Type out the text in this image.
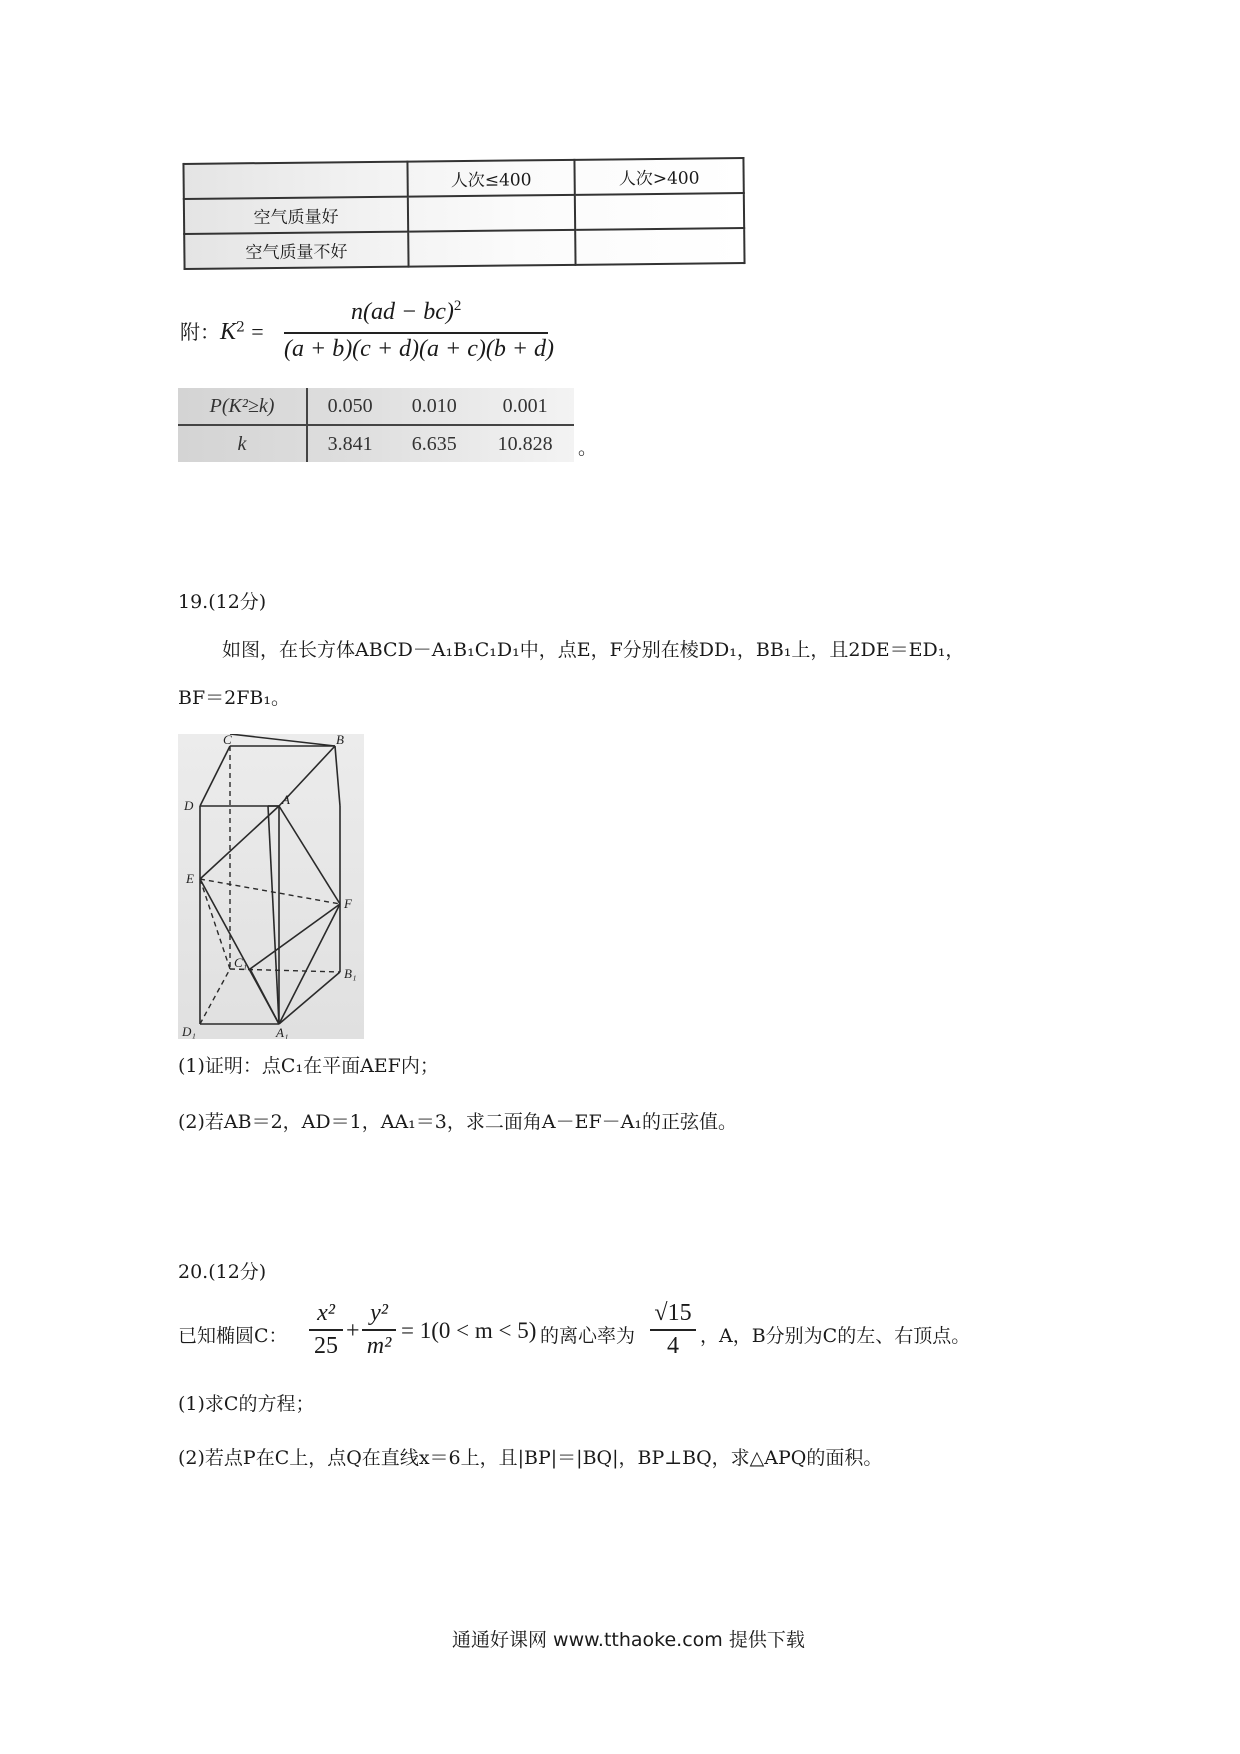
	人次≤400	人次>400
空气质量好		
空气质量不好		
附：$K^2$ =
n(ad − bc)$^2$
(a + b)(c + d)(a + c)(b + d)
P(K²≥k)	0.050	0.010	0.001
k	3.841	6.635	10.828 。
19.(12分)
如图，在长方体ABCD－A₁B₁C₁D₁中，点E，F分别在棱DD₁，BB₁上，且2DE＝ED₁，
BF＝2FB₁。
C	B
D	A
E
F
C₁
B₁
D₁	A₁
(1)证明：点C₁在平面AEF内；
(2)若AB＝2，AD＝1，AA₁＝3，求二面角A－EF－A₁的正弦值。
20.(12分)
已知椭圆C：
x²
25
+
y²
m²
= 1(0 < m < 5) 的离心率为
√15
4	，A，B分别为C的左、右顶点。
(1)求C的方程；
(2)若点P在C上，点Q在直线x＝6上，且|BP|＝|BQ|，BP⊥BQ，求△APQ的面积。
通通好课网 www.tthaoke.com 提供下载
